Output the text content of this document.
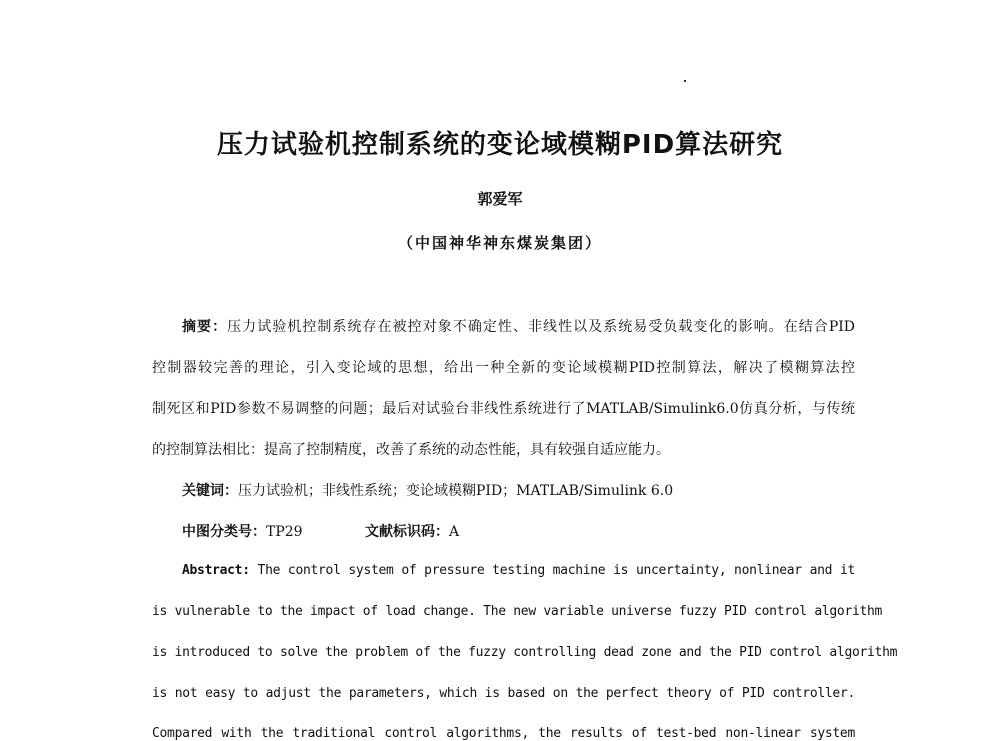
压力试验机控制系统的变论域模糊PID算法研究
郭爱军
（中国神华神东煤炭集团）
摘要：压力试验机控制系统存在被控对象不确定性、非线性以及系统易受负载变化的影响。在结合PID
控制器较完善的理论，引入变论域的思想，给出一种全新的变论域模糊PID控制算法，解决了模糊算法控
制死区和PID参数不易调整的问题；最后对试验台非线性系统进行了MATLAB/Simulink6.0仿真分析，与传统
的控制算法相比：提高了控制精度，改善了系统的动态性能，具有较强自适应能力。
关键词：压力试验机；非线性系统；变论域模糊PID；MATLAB/Simulink 6.0
中图分类号：TP29	文献标识码：A
Abstract: The control system of pressure testing machine is uncertainty, nonlinear and it
is vulnerable to the impact of load change. The new variable universe fuzzy PID control algorithm
is introduced to solve the problem of the fuzzy controlling dead zone and the PID control algorithm
is not easy to adjust the parameters, which is based on the perfect theory of PID controller.
Compared with the traditional control algorithms, the results of test-bed non-linear system
